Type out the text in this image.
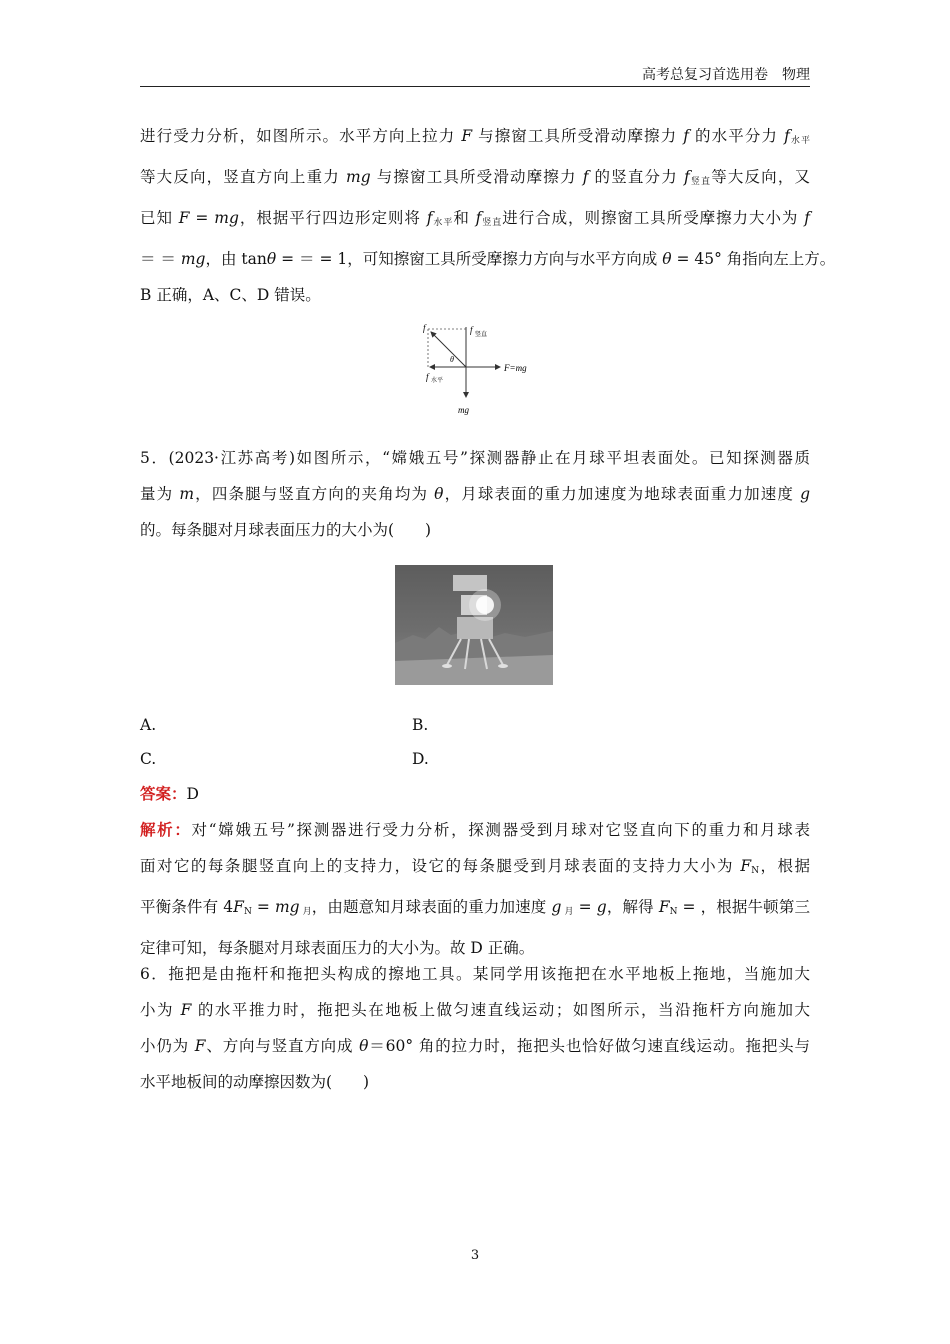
高考总复习首选用卷　物理
进行受力分析，如图所示。水平方向上拉力 F 与擦窗工具所受滑动摩擦力 f 的水平分力 $f_{水平}$
等大反向，竖直方向上重力 mg 与擦窗工具所受滑动摩擦力 f 的竖直分力 $f_{竖直}$等大反向，又
已知 F = mg，根据平行四边形定则将 $f_{水平}$和 $f_{竖直}$进行合成，则擦窗工具所受摩擦力大小为 f
＝ ＝ mg，由 tanθ = ＝ = 1，可知擦窗工具所受摩擦力方向与水平方向成 θ = 45° 角指向左上方。
B 正确，A、C、D 错误。
f	f 竖直
θ
F=mg
f 水平
mg
5．(2023·江苏高考)如图所示，“嫦娥五号”探测器静止在月球平坦表面处。已知探测器质
量为 m，四条腿与竖直方向的夹角均为 θ，月球表面的重力加速度为地球表面重力加速度 g
的。每条腿对月球表面压力的大小为(　　)
A.	B.
C.	D.
答案：D
解析：对“嫦娥五号”探测器进行受力分析，探测器受到月球对它竖直向下的重力和月球表
面对它的每条腿竖直向上的支持力，设它的每条腿受到月球表面的支持力大小为 $F_N$，根据
平衡条件有 $4F_N$ = mg $_月$，由题意知月球表面的重力加速度 g $_月$ = g，解得 $F_N$ = ，根据牛顿第三
定律可知，每条腿对月球表面压力的大小为。故 D 正确。
6．拖把是由拖杆和拖把头构成的擦地工具。某同学用该拖把在水平地板上拖地，当施加大
小为 F 的水平推力时，拖把头在地板上做匀速直线运动；如图所示，当沿拖杆方向施加大
小仍为 F、方向与竖直方向成 θ＝60° 角的拉力时，拖把头也恰好做匀速直线运动。拖把头与
水平地板间的动摩擦因数为(　　)
3
